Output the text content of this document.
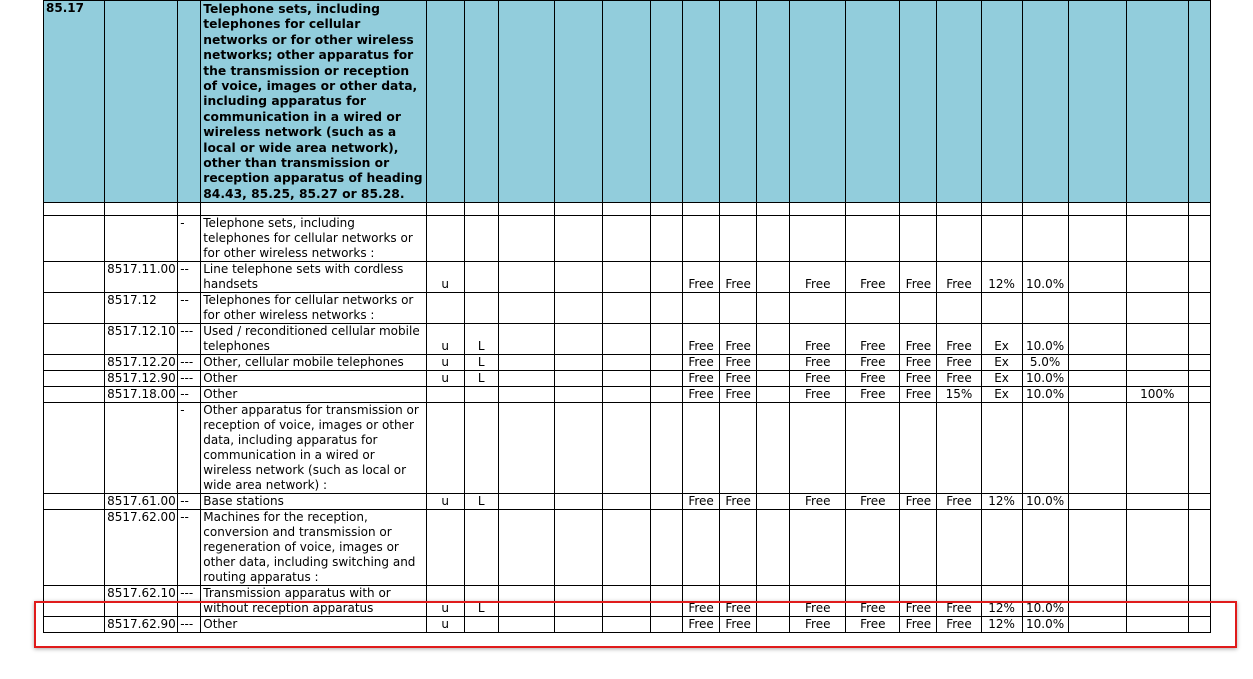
85.17			Telephone sets, including telephones for cellular networks or for other wireless networks; other apparatus for the transmission or reception of voice, images or other data, including apparatus for communication in a wired or wireless network (such as a local or wide area network), other than transmission or reception apparatus of heading 84.43, 85.25, 85.27 or 85.28.																		

		-	Telephone sets, including telephones for cellular networks or for other wireless networks :																		
	8517.11.00	--	Line telephone sets with cordless handsets	u						Free	Free		Free	Free	Free	Free	12%	10.0%			
	8517.12	--	Telephones for cellular networks or for other wireless networks :																		
	8517.12.10	---	Used / reconditioned cellular mobile telephones	u	L					Free	Free		Free	Free	Free	Free	Ex	10.0%			
	8517.12.20	---	Other, cellular mobile telephones	u	L					Free	Free		Free	Free	Free	Free	Ex	5.0%			
	8517.12.90	---	Other	u	L					Free	Free		Free	Free	Free	Free	Ex	10.0%			
	8517.18.00	--	Other							Free	Free		Free	Free	Free	15%	Ex	10.0%		100%	
		-	Other apparatus for transmission or reception of voice, images or other data, including apparatus for communication in a wired or wireless network (such as local or wide area network) :																		
	8517.61.00	--	Base stations	u	L					Free	Free		Free	Free	Free	Free	12%	10.0%			
	8517.62.00	--	Machines for the reception, conversion and transmission or regeneration of voice, images or other data, including switching and routing apparatus :																		
	8517.62.10	---	Transmission apparatus with or without reception apparatus	u	L					Free	Free		Free	Free	Free	Free	12%	10.0%			
	8517.62.90	---	Other	u						Free	Free		Free	Free	Free	Free	12%	10.0%			
